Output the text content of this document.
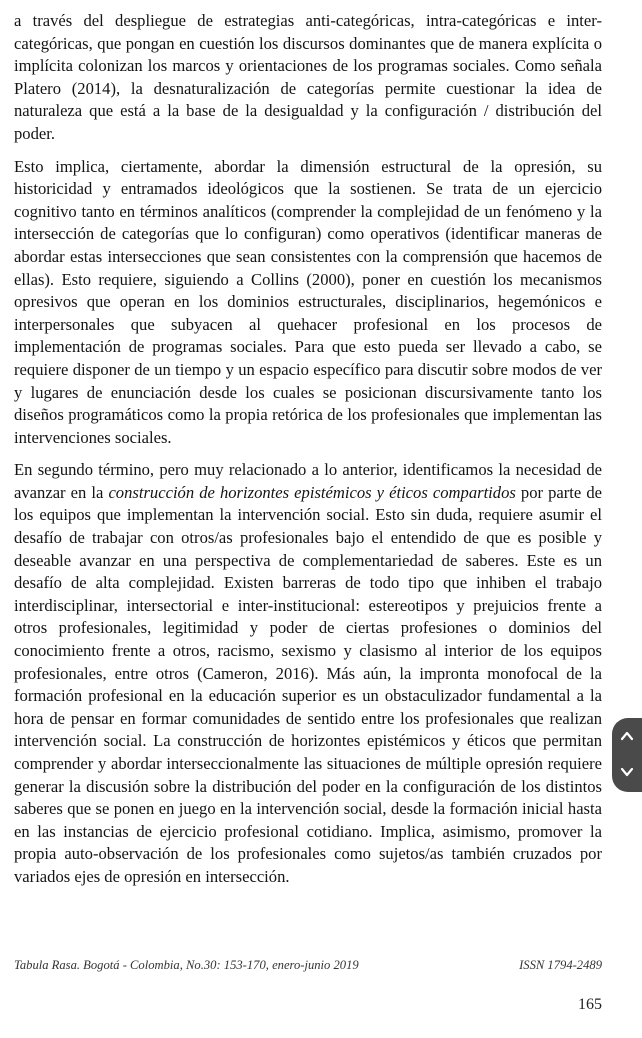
a través del despliegue de estrategias anti-categóricas, intra-categóricas e inter-categóricas, que pongan en cuestión los discursos dominantes que de manera explícita o implícita colonizan los marcos y orientaciones de los programas sociales. Como señala Platero (2014), la desnaturalización de categorías permite cuestionar la idea de naturaleza que está a la base de la desigualdad y la configuración / distribución del poder.

Esto implica, ciertamente, abordar la dimensión estructural de la opresión, su historicidad y entramados ideológicos que la sostienen. Se trata de un ejercicio cognitivo tanto en términos analíticos (comprender la complejidad de un fenómeno y la intersección de categorías que lo configuran) como operativos (identificar maneras de abordar estas intersecciones que sean consistentes con la comprensión que hacemos de ellas). Esto requiere, siguiendo a Collins (2000), poner en cuestión los mecanismos opresivos que operan en los dominios estructurales, disciplinarios, hegemónicos e interpersonales que subyacen al quehacer profesional en los procesos de implementación de programas sociales. Para que esto pueda ser llevado a cabo, se requiere disponer de un tiempo y un espacio específico para discutir sobre modos de ver y lugares de enunciación desde los cuales se posicionan discursivamente tanto los diseños programáticos como la propia retórica de los profesionales que implementan las intervenciones sociales.

En segundo término, pero muy relacionado a lo anterior, identificamos la necesidad de avanzar en la construcción de horizontes epistémicos y éticos compartidos por parte de los equipos que implementan la intervención social. Esto sin duda, requiere asumir el desafío de trabajar con otros/as profesionales bajo el entendido de que es posible y deseable avanzar en una perspectiva de complementariedad de saberes. Este es un desafío de alta complejidad. Existen barreras de todo tipo que inhiben el trabajo interdisciplinar, intersectorial e inter-institucional: estereotipos y prejuicios frente a otros profesionales, legitimidad y poder de ciertas profesiones o dominios del conocimiento frente a otros, racismo, sexismo y clasismo al interior de los equipos profesionales, entre otros (Cameron, 2016). Más aún, la impronta monofocal de la formación profesional en la educación superior es un obstaculizador fundamental a la hora de pensar en formar comunidades de sentido entre los profesionales que realizan intervención social. La construcción de horizontes epistémicos y éticos que permitan comprender y abordar interseccionalmente las situaciones de múltiple opresión requiere generar la discusión sobre la distribución del poder en la configuración de los distintos saberes que se ponen en juego en la intervención social, desde la formación inicial hasta en las instancias de ejercicio profesional cotidiano. Implica, asimismo, promover la propia auto-observación de los profesionales como sujetos/as también cruzados por variados ejes de opresión en intersección.

Tabula Rasa. Bogotá - Colombia, No.30: 153-170, enero-junio 2019	ISSN 1794-2489
165
